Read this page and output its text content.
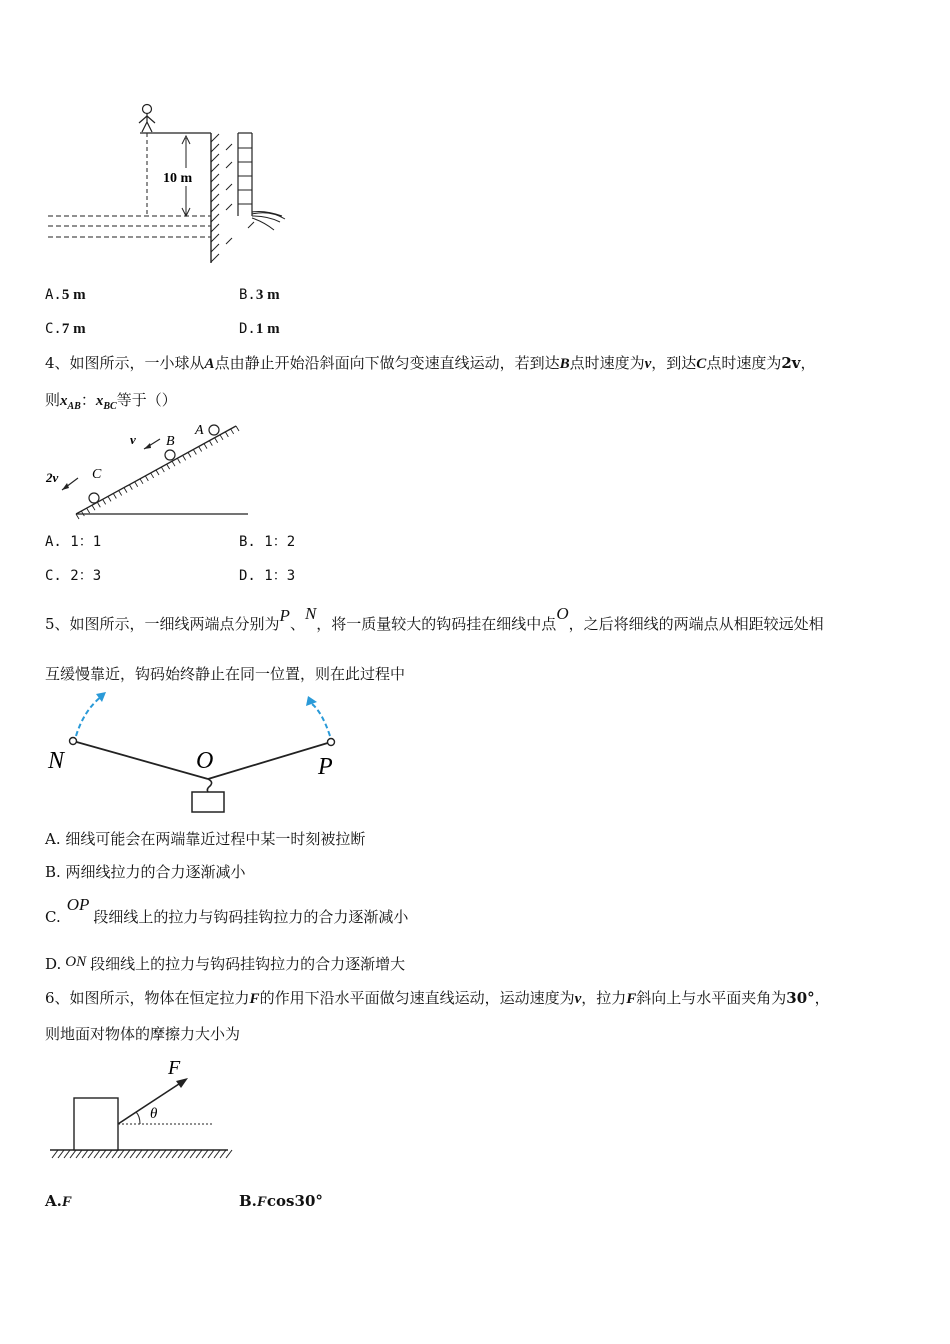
10 m
A.5 m	B.3 m
C.7 m	D.1 m
4、如图所示，一小球从A点由静止开始沿斜面向下做匀变速直线运动，若到达B点时速度为v，到达C点时速度为2v，
则$x_{AB}$：$x_{BC}$等于（）
A
B
v
C
2v
A. 1：1	B. 1：2
C. 2：3	D. 1：3
5、如图所示，一细线两端点分别为P、N，将一质量较大的钩码挂在细线中点O，之后将细线的两端点从相距较远处相
互缓慢靠近，钩码始终静止在同一位置，则在此过程中
N	O	P
A. 细线可能会在两端靠近过程中某一时刻被拉断
B. 两细线拉力的合力逐渐减小
C.OP段细线上的拉力与钩码挂钩拉力的合力逐渐减小
D. ON 段细线上的拉力与钩码挂钩拉力的合力逐渐增大
6、如图所示，物体在恒定拉力F的作用下沿水平面做匀速直线运动，运动速度为v，拉力F斜向上与水平面夹角为30°，
则地面对物体的摩擦力大小为
θ
F
A.F	B.Fcos30°
